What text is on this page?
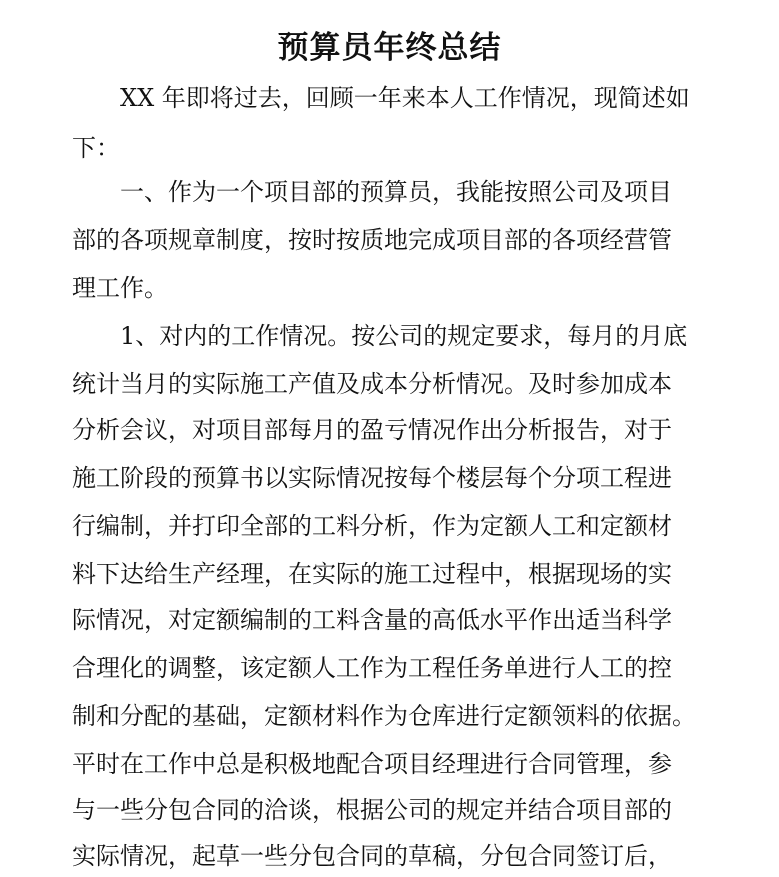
预算员年终总结
　　XX 年即将过去，回顾一年来本人工作情况，现简述如
下：
　　一、作为一个项目部的预算员，我能按照公司及项目
部的各项规章制度，按时按质地完成项目部的各项经营管
理工作。
　　1、对内的工作情况。按公司的规定要求，每月的月底
统计当月的实际施工产值及成本分析情况。及时参加成本
分析会议，对项目部每月的盈亏情况作出分析报告，对于
施工阶段的预算书以实际情况按每个楼层每个分项工程进
行编制，并打印全部的工料分析，作为定额人工和定额材
料下达给生产经理，在实际的施工过程中，根据现场的实
际情况，对定额编制的工料含量的高低水平作出适当科学
合理化的调整，该定额人工作为工程任务单进行人工的控
制和分配的基础，定额材料作为仓库进行定额领料的依据。
平时在工作中总是积极地配合项目经理进行合同管理，参
与一些分包合同的洽谈，根据公司的规定并结合项目部的
实际情况，起草一些分包合同的草稿，分包合同签订后，
